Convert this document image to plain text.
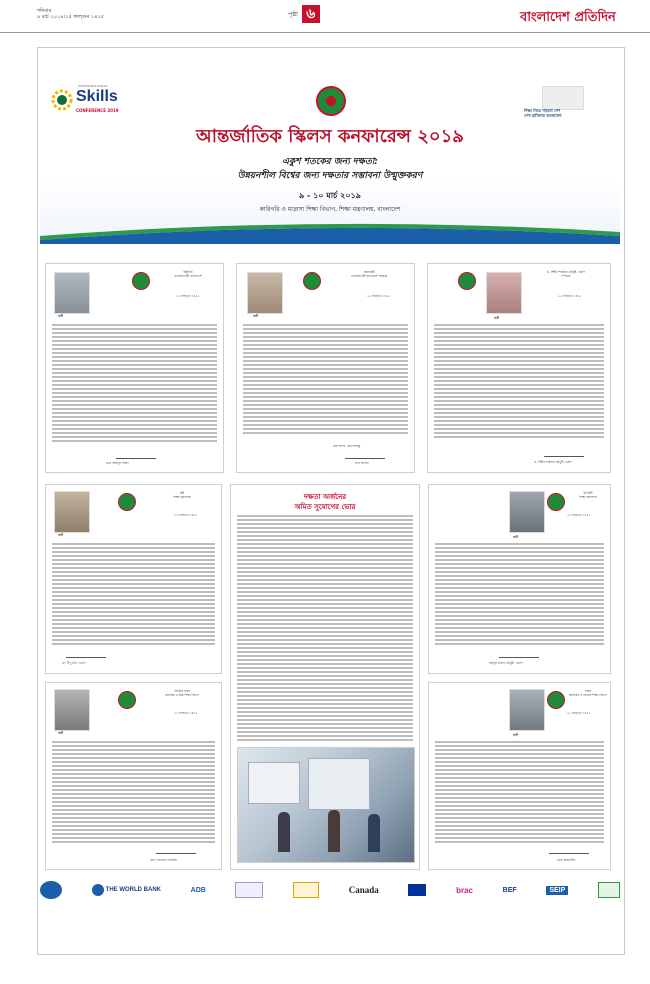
শনিবার
৯ মার্চ ২০১৯।২৫ ফাল্গুন ১৪২৫	পৃষ্ঠা ৬	বাংলাদেশ প্রতিদিন
INTERNATIONAL
Skills
CONFERENCE 2019	শিক্ষা নিয়ে গড়বো দেশ
শেখ হাসিনার বাংলাদেশ
আন্তর্জাতিক স্কিলস কনফারেন্স ২০১৯
একুশ শতকের জন্য দক্ষতা:
উন্নয়নশীল বিশ্বের জন্য দক্ষতার সম্ভাবনা উন্মুক্তকরণ
৯ - ১০ মার্চ ২০১৯
কারিগরি ও মাদ্রাসা শিক্ষা বিভাগ, শিক্ষা মন্ত্রণালয়, বাংলাদেশ
রাষ্ট্রপতি
গণপ্রজাতন্ত্রী বাংলাদেশ
২৫ ফাল্গুন ১৪২৫
বাণী
মোঃ আবদুল হামিদ
প্রধানমন্ত্রী
গণপ্রজাতন্ত্রী বাংলাদেশ সরকার
২৫ ফাল্গুন ১৪২৫
বাণী
জয় বাংলা, জয় বঙ্গবন্ধু
শেখ হাসিনা
ড. শিরীন শারমিন চৌধুরী, এমপি
স্পিকার
২৫ ফাল্গুন ১৪২৫
বাণী
ড. শিরীন শারমিন চৌধুরী, এমপি
মন্ত্রী
শিক্ষা মন্ত্রণালয়
২৫ ফাল্গুন ১৪২৫
বাণী
ডা. দীপু মনি, এমপি
সিনিয়র সচিব
মাধ্যমিক ও উচ্চ শিক্ষা বিভাগ
২৫ ফাল্গুন ১৪২৫
বাণী
মোঃ সোহরাব হোসাইন
দক্ষতা অর্জনের
অমিত সুযোগের ভোর
উপমন্ত্রী
শিক্ষা মন্ত্রণালয়
২৫ ফাল্গুন ১৪২৫
বাণী
মহিবুল হাসান চৌধুরী, এমপি
সচিব
কারিগরি ও মাদ্রাসা শিক্ষা বিভাগ
২৫ ফাল্গুন ১৪২৫
বাণী
মোঃ আলমগীর
THE WORLD BANK	ADB	Canada	brac	BEF	SEIP
